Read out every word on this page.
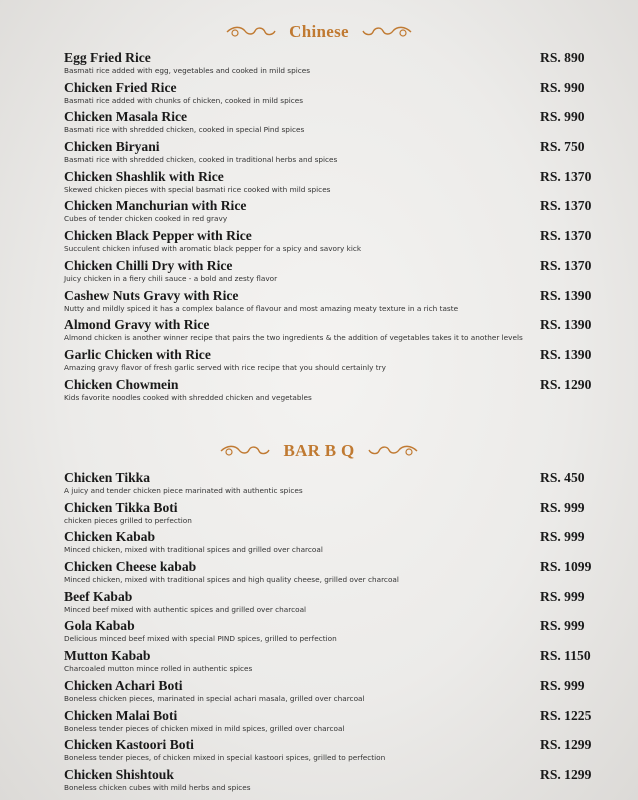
Chinese
Egg Fried Rice
Basmati rice added with egg, vegetables and cooked in mild spices
RS. 890
Chicken Fried Rice
Basmati rice added with chunks of chicken, cooked in mild spices
RS. 990
Chicken Masala Rice
Basmati rice with shredded chicken, cooked in special Pind spices
RS. 990
Chicken Biryani
Basmati rice with shredded chicken, cooked in traditional herbs and spices
RS. 750
Chicken Shashlik with Rice
Skewed chicken pieces with special basmati rice cooked with mild spices
RS. 1370
Chicken Manchurian with Rice
Cubes of tender chicken cooked in red gravy
RS. 1370
Chicken Black Pepper with Rice
Succulent chicken infused with aromatic black pepper for a spicy and savory kick
RS. 1370
Chicken Chilli Dry with Rice
Juicy chicken in a fiery chili sauce - a bold and zesty flavor
RS. 1370
Cashew Nuts Gravy with Rice
Nutty and mildly spiced it has a complex balance of flavour and most amazing meaty texture in a rich taste
RS. 1390
Almond Gravy with Rice
Almond chicken is another winner recipe that pairs the two ingredients & the addition of vegetables takes it to another levels
RS. 1390
Garlic Chicken with Rice
Amazing gravy flavor of fresh garlic served with rice recipe that you should certainly try
RS. 1390
Chicken Chowmein
Kids favorite noodles cooked with shredded chicken and vegetables
RS. 1290
BAR B Q
Chicken Tikka
A juicy and tender chicken piece marinated with authentic spices
RS. 450
Chicken Tikka Boti
chicken pieces grilled to perfection
RS. 999
Chicken Kabab
Minced chicken, mixed with traditional spices and grilled over charcoal
RS. 999
Chicken Cheese kabab
Minced chicken, mixed with traditional spices and high quality cheese, grilled over charcoal
RS. 1099
Beef Kabab
Minced beef mixed with authentic spices and grilled over charcoal
RS. 999
Gola Kabab
Delicious minced beef mixed with special PIND spices, grilled to perfection
RS. 999
Mutton Kabab
Charcoaled mutton mince rolled in authentic spices
RS. 1150
Chicken Achari Boti
Boneless chicken pieces, marinated in special achari masala, grilled over charcoal
RS. 999
Chicken Malai Boti
Boneless tender pieces of chicken mixed in mild spices, grilled over charcoal
RS. 1225
Chicken Kastoori Boti
Boneless tender pieces, of chicken mixed in special kastoori spices, grilled to perfection
RS. 1299
Chicken Shishtouk
Boneless chicken cubes with mild herbs and spices
RS. 1299
